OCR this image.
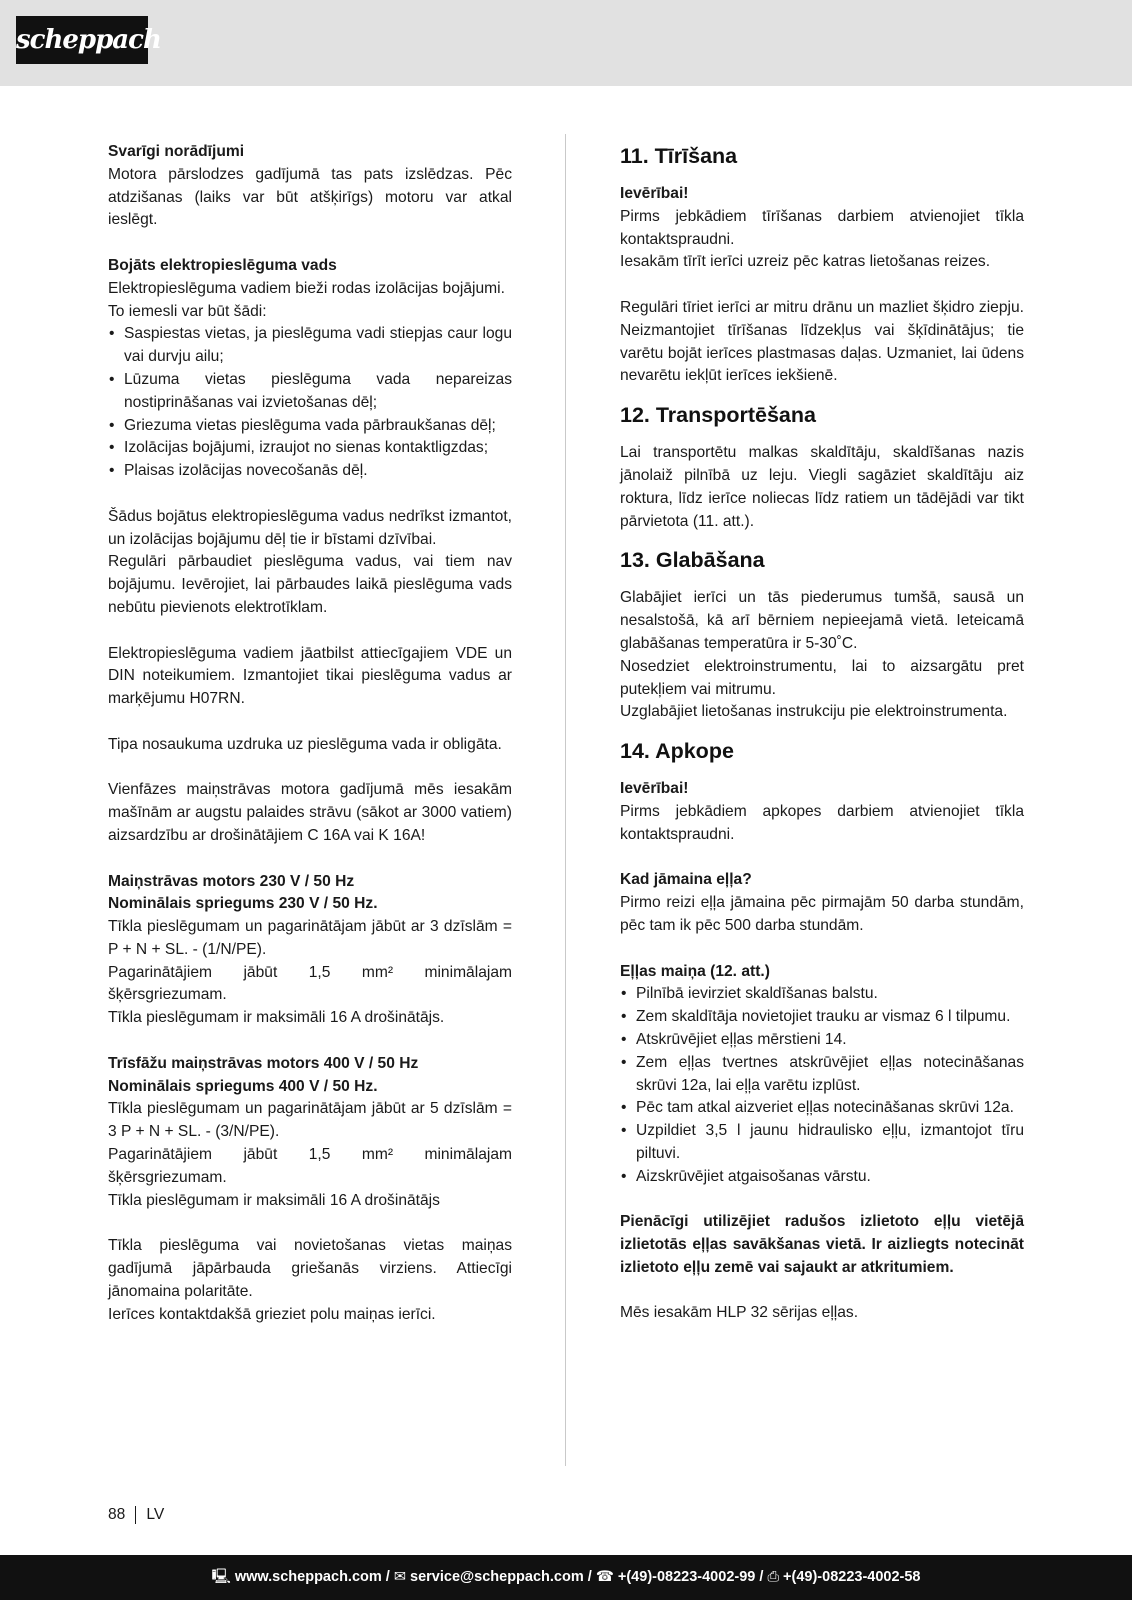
scheppach

Svarīgi norādījumi

Motora pārslodzes gadījumā tas pats izslēdzas. Pēc atdzišanas (laiks var būt atšķirīgs) motoru var atkal ieslēgt.

Bojāts elektropieslēguma vads

Elektropieslēguma vadiem bieži rodas izolācijas bojājumi.

To iemesli var būt šādi:

• Saspiestas vietas, ja pieslēguma vadi stiepjas caur logu vai durvju ailu;
• Lūzuma vietas pieslēguma vada nepareizas nostiprināšanas vai izvietošanas dēļ;
• Griezuma vietas pieslēguma vada pārbraukšanas dēļ;
• Izolācijas bojājumi, izraujot no sienas kontaktligzdas;
• Plaisas izolācijas novecošanās dēļ.

Šādus bojātus elektropieslēguma vadus nedrīkst izmantot, un izolācijas bojājumu dēļ tie ir bīstami dzīvībai.

Regulāri pārbaudiet pieslēguma vadus, vai tiem nav bojājumu. Ievērojiet, lai pārbaudes laikā pieslēguma vads nebūtu pievienots elektrotīklam.

Elektropieslēguma vadiem jāatbilst attiecīgajiem VDE un DIN noteikumiem. Izmantojiet tikai pieslēguma vadus ar marķējumu H07RN.

Tipa nosaukuma uzdruka uz pieslēguma vada ir obligāta.

Vienfāzes maiņstrāvas motora gadījumā mēs iesakām mašīnām ar augstu palaides strāvu (sākot ar 3000 vatiem) aizsardzību ar drošinātājiem C 16A vai K 16A!

Maiņstrāvas motors 230 V / 50 Hz

Nominālais spriegums 230 V / 50 Hz.

Tīkla pieslēgumam un pagarinātājam jābūt ar 3 dzīslām = P + N + SL. - (1/N/PE).

Pagarinātājiem jābūt 1,5 mm² minimālajam šķērsgriezumam.

Tīkla pieslēgumam ir maksimāli 16 A drošinātājs.

Trīsfāžu maiņstrāvas motors 400 V / 50 Hz

Nominālais spriegums 400 V / 50 Hz.

Tīkla pieslēgumam un pagarinātājam jābūt ar 5 dzīslām = 3 P + N + SL. - (3/N/PE).

Pagarinātājiem jābūt 1,5 mm² minimālajam šķērsgriezumam.

Tīkla pieslēgumam ir maksimāli 16 A drošinātājs

Tīkla pieslēguma vai novietošanas vietas maiņas gadījumā jāpārbauda griešanās virziens. Attiecīgi jānomaina polaritāte.

Ierīces kontaktdakšā grieziet polu maiņas ierīci.

11. Tīrīšana

Ievērībai!

Pirms jebkādiem tīrīšanas darbiem atvienojiet tīkla kontaktspraudni.

Iesakām tīrīt ierīci uzreiz pēc katras lietošanas reizes.

Regulāri tīriet ierīci ar mitru drānu un mazliet šķidro ziepju. Neizmantojiet tīrīšanas līdzekļus vai šķīdinātājus; tie varētu bojāt ierīces plastmasas daļas. Uzmaniet, lai ūdens nevarētu iekļūt ierīces iekšienē.

12. Transportēšana

Lai transportētu malkas skaldītāju, skaldīšanas nazis jānolaiž pilnībā uz leju. Viegli sagāziet skaldītāju aiz roktura, līdz ierīce noliecas līdz ratiem un tādējādi var tikt pārvietota (11. att.).

13. Glabāšana

Glabājiet ierīci un tās piederumus tumšā, sausā un nesalstošā, kā arī bērniem nepieejamā vietā. Ieteicamā glabāšanas temperatūra ir 5-30˚C.

Nosedziet elektroinstrumentu, lai to aizsargātu pret putekļiem vai mitrumu.

Uzglabājiet lietošanas instrukciju pie elektroinstrumenta.

14. Apkope

Ievērībai!

Pirms jebkādiem apkopes darbiem atvienojiet tīkla kontaktspraudni.

Kad jāmaina eļļa?

Pirmo reizi eļļa jāmaina pēc pirmajām 50 darba stundām, pēc tam ik pēc 500 darba stundām.

Eļļas maiņa (12. att.)

• Pilnībā ievirziet skaldīšanas balstu.
• Zem skaldītāja novietojiet trauku ar vismaz 6 l tilpumu.
• Atskrūvējiet eļļas mērstieni 14.
• Zem eļļas tvertnes atskrūvējiet eļļas notecināšanas skrūvi 12a, lai eļļa varētu izplūst.
• Pēc tam atkal aizveriet eļļas notecināšanas skrūvi 12a.
• Uzpildiet 3,5 l jaunu hidraulisko eļļu, izmantojot tīru piltuvi.
• Aizskrūvējiet atgaisošanas vārstu.

Pienācīgi utilizējiet radušos izlietoto eļļu vietējā izlietotās eļļas savākšanas vietā. Ir aizliegts notecināt izlietoto eļļu zemē vai sajaukt ar atkritumiem.

Mēs iesakām HLP 32 sērijas eļļas.

88 LV
🖳 www.scheppach.com / ✉ service@scheppach.com / ☎ +(49)-08223-4002-99 / ⎙ +(49)-08223-4002-58
